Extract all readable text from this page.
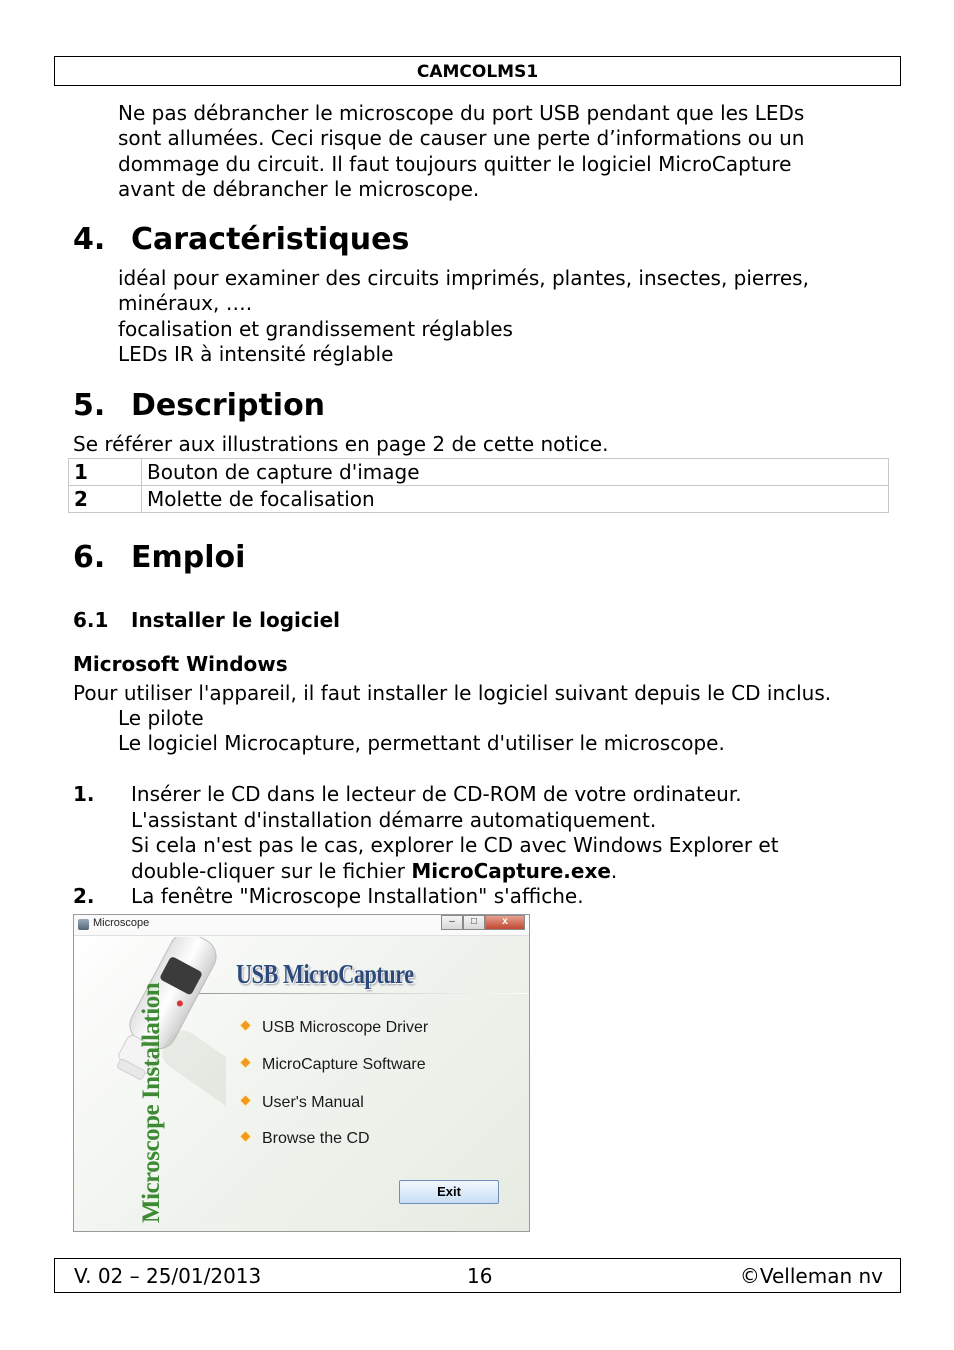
CAMCOLMS1
Ne pas débrancher le microscope du port USB pendant que les LEDs
sont allumées. Ceci risque de causer une perte d’informations ou un
dommage du circuit. Il faut toujours quitter le logiciel MicroCapture
avant de débrancher le microscope.
4. Caractéristiques
idéal pour examiner des circuits imprimés, plantes, insectes, pierres,
minéraux, ….
focalisation et grandissement réglables
LEDs IR à intensité réglable
5. Description
Se référer aux illustrations en page 2 de cette notice.
1	Bouton de capture d'image
2	Molette de focalisation
6. Emploi
6.1 Installer le logiciel
Microsoft Windows
Pour utiliser l'appareil, il faut installer le logiciel suivant depuis le CD inclus.
Le pilote
Le logiciel Microcapture, permettant d'utiliser le microscope.
1. Insérer le CD dans le lecteur de CD-ROM de votre ordinateur.
L'assistant d'installation démarre automatiquement.
Si cela n'est pas le cas, explorer le CD avec Windows Explorer et
double-cliquer sur le fichier MicroCapture.exe.
2. La fenêtre "Microscope Installation" s'affiche.
Microscope	–	□	x
USB MicroCapture
Microscope Installation	USB Microscope Driver
MicroCapture Software
User's Manual
Browse the CD
Exit
V. 02 – 25/01/2013	16	©Velleman nv
